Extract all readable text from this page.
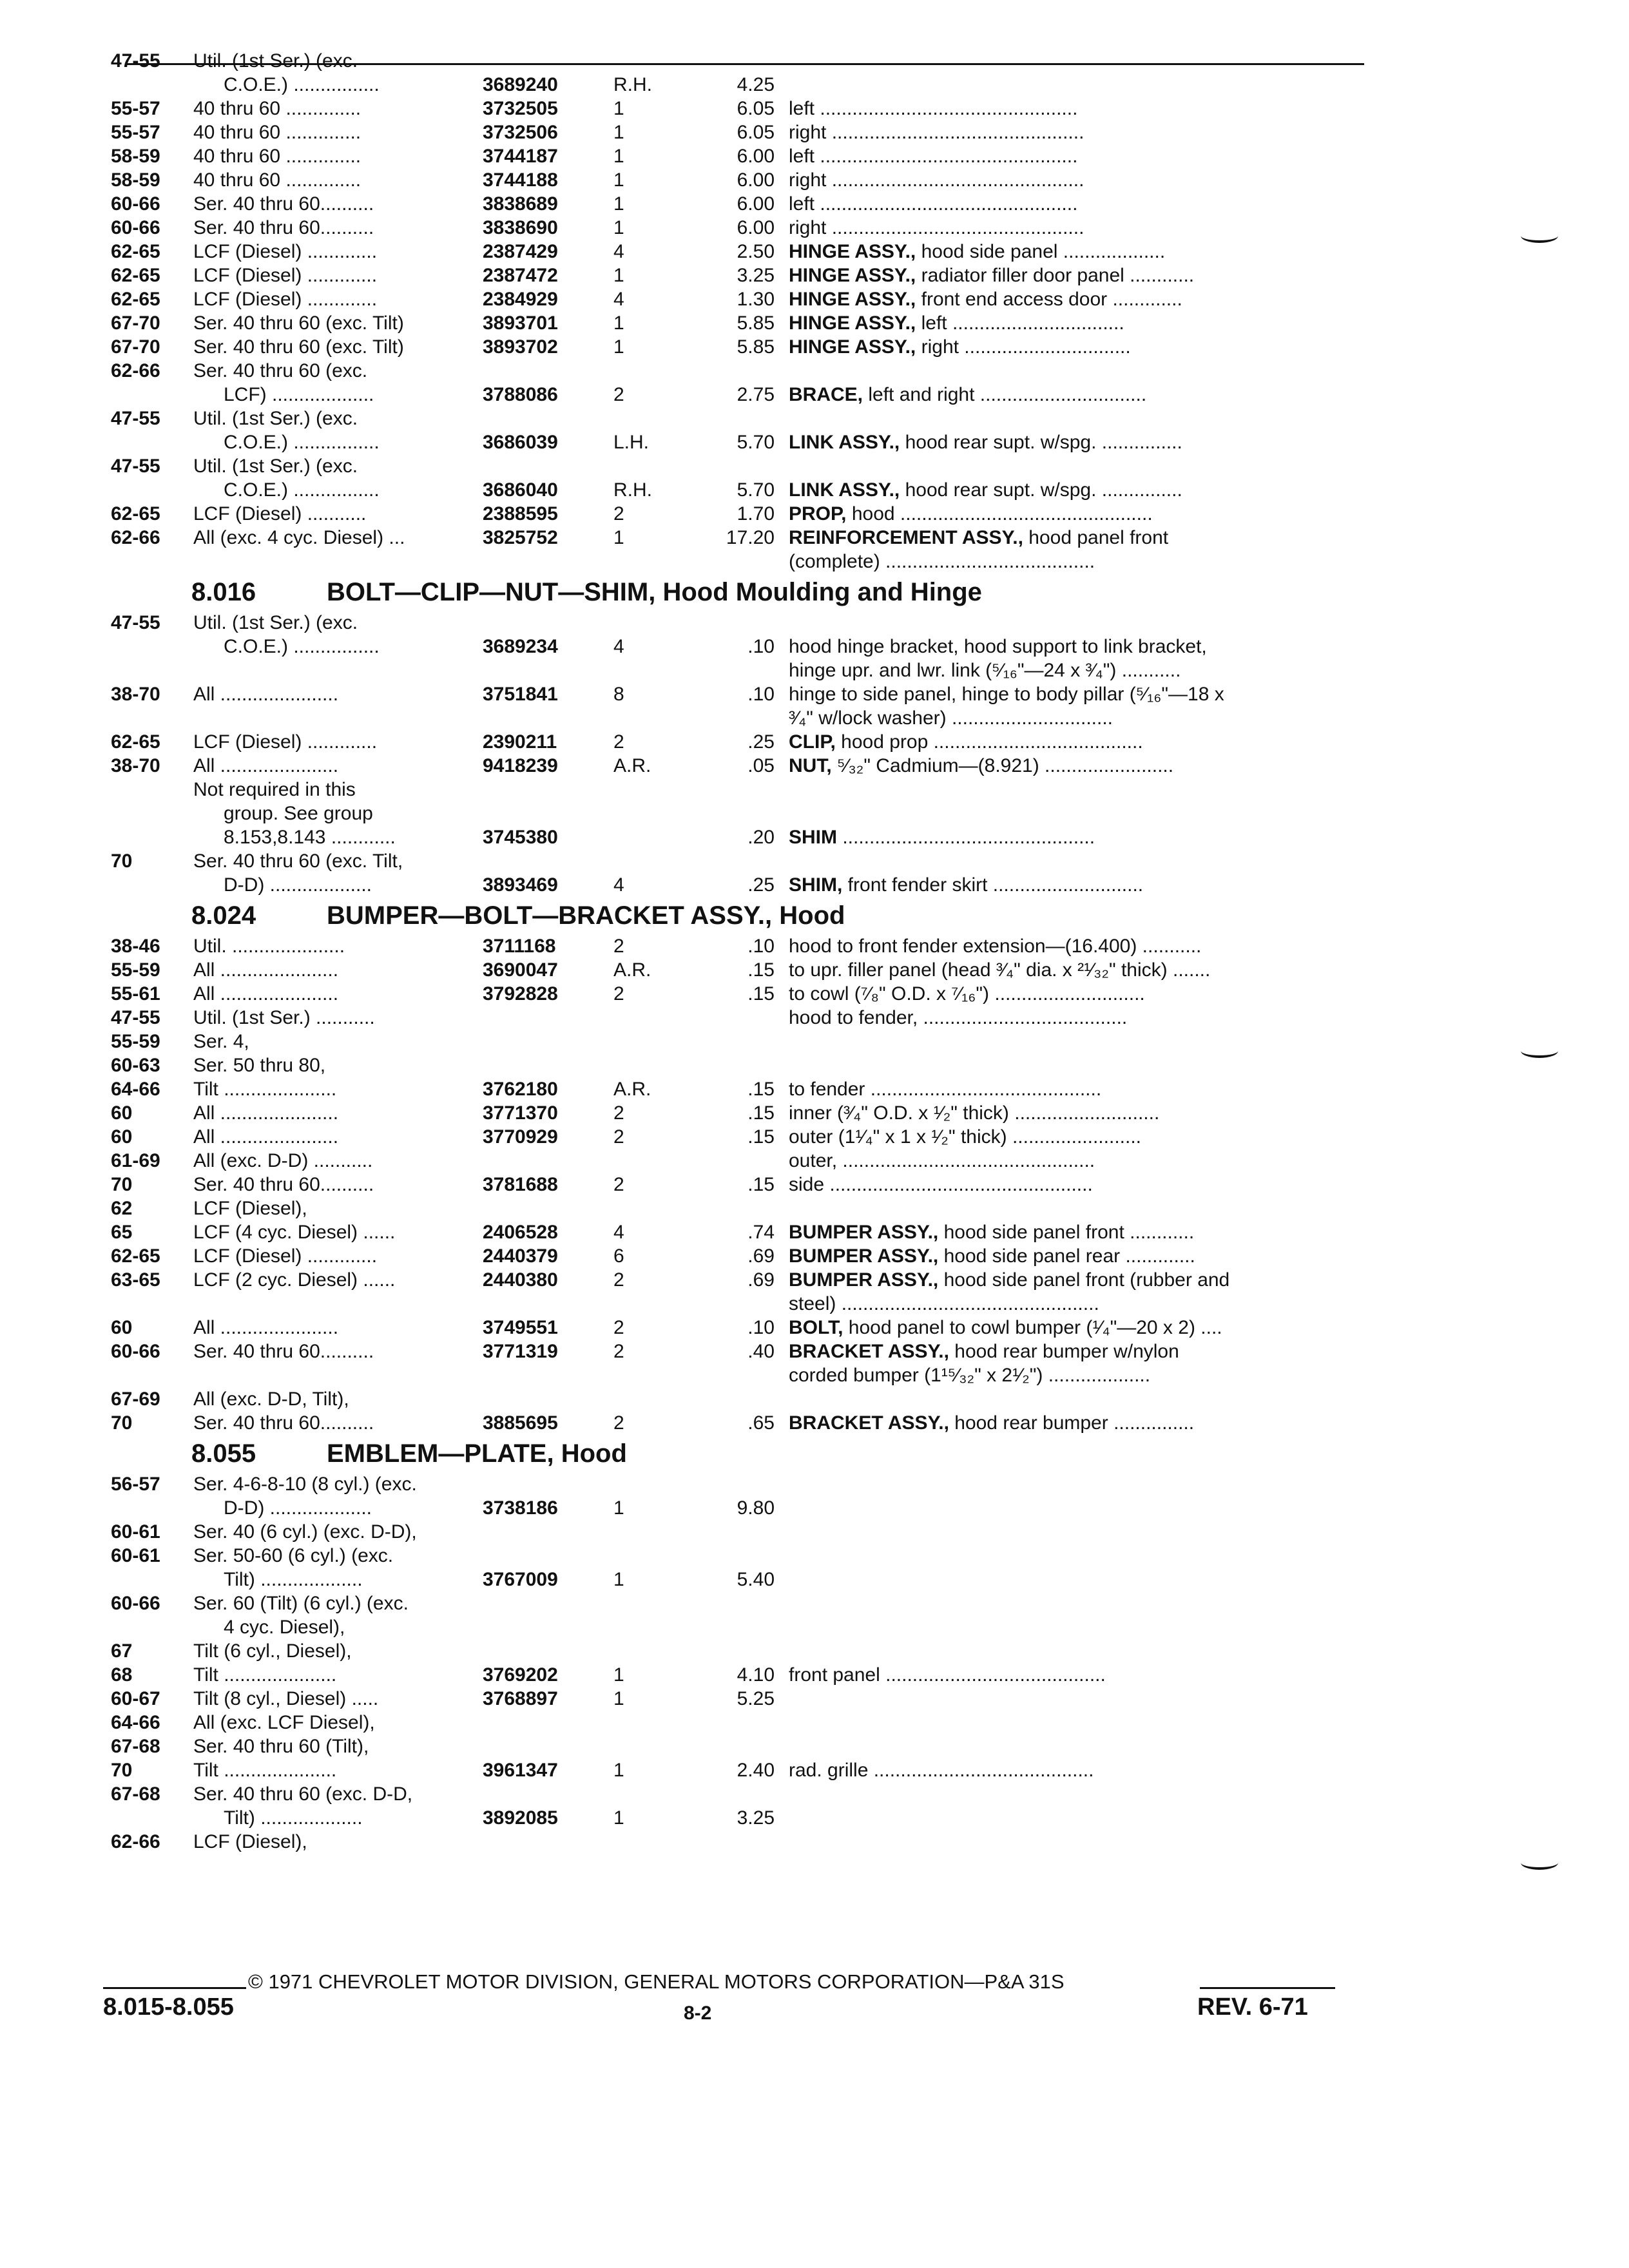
47-55 Util. (1st Ser.) (exc.
C.O.E.) ................	3689240	R.H.	4.25
55-57 40 thru 60 ..............	3732505	1	6.05 left ................................................
55-57 40 thru 60 ..............	3732506	1	6.05 right ...............................................
58-59 40 thru 60 ..............	3744187	1	6.00 left ................................................
58-59 40 thru 60 ..............	3744188	1	6.00 right ...............................................
60-66 Ser. 40 thru 60..........	3838689	1	6.00 left ................................................
60-66 Ser. 40 thru 60..........	3838690	1	6.00 right ...............................................
62-65 LCF (Diesel) .............	2387429	4	2.50 HINGE ASSY., hood side panel ...................
62-65 LCF (Diesel) .............	2387472	1	3.25 HINGE ASSY., radiator filler door panel ............
62-65 LCF (Diesel) .............	2384929	4	1.30 HINGE ASSY., front end access door .............
67-70 Ser. 40 thru 60 (exc. Tilt)	3893701	1	5.85 HINGE ASSY., left ................................
67-70 Ser. 40 thru 60 (exc. Tilt)	3893702	1	5.85 HINGE ASSY., right ...............................
62-66 Ser. 40 thru 60 (exc.
LCF) ...................	3788086	2	2.75 BRACE, left and right ...............................
47-55 Util. (1st Ser.) (exc.
C.O.E.) ................	3686039	L.H.	5.70 LINK ASSY., hood rear supt. w/spg. ...............
47-55 Util. (1st Ser.) (exc.
C.O.E.) ................	3686040	R.H.	5.70 LINK ASSY., hood rear supt. w/spg. ...............
62-65 LCF (Diesel) ...........	2388595	2	1.70 PROP, hood ...............................................
62-66 All (exc. 4 cyc. Diesel) ...	3825752	1	17.20 REINFORCEMENT ASSY., hood panel front
(complete) .......................................
8.016	BOLT—CLIP—NUT—SHIM, Hood Moulding and Hinge
47-55 Util. (1st Ser.) (exc.
C.O.E.) ................	3689234	4	.10 hood hinge bracket, hood support to link bracket,
hinge upr. and lwr. link (⁵⁄₁₆"—24 x ³⁄₄") ...........
38-70 All ......................	3751841	8	.10 hinge to side panel, hinge to body pillar (⁵⁄₁₆"—18 x
³⁄₄" w/lock washer) ..............................
62-65 LCF (Diesel) .............	2390211	2	.25 CLIP, hood prop .......................................
38-70 All ......................	9418239	A.R.	.05 NUT, ⁵⁄₃₂" Cadmium—(8.921) ........................
Not required in this
group. See group
8.153,8.143 ............	3745380	.20 SHIM ...............................................
70	Ser. 40 thru 60 (exc. Tilt,
D-D) ...................	3893469	4	.25 SHIM, front fender skirt ............................
8.024	BUMPER—BOLT—BRACKET ASSY., Hood
38-46 Util. .....................	3711168	2	.10 hood to front fender extension—(16.400) ...........
55-59 All ......................	3690047	A.R.	.15 to upr. filler panel (head ³⁄₄" dia. x ²¹⁄₃₂" thick) .......
55-61 All ......................	3792828	2	.15 to cowl (⁷⁄₈" O.D. x ⁷⁄₁₆") ............................
47-55 Util. (1st Ser.) ...........	hood to fender, ......................................
55-59 Ser. 4,
60-63 Ser. 50 thru 80,
64-66 Tilt .....................	3762180	A.R.	.15 to fender ...........................................
60	All ......................	3771370	2	.15 inner (³⁄₄" O.D. x ¹⁄₂" thick) ...........................
60	All ......................	3770929	2	.15 outer (1¹⁄₄" x 1 x ¹⁄₂" thick) ........................
61-69 All (exc. D-D) ...........	outer, ...............................................
70	Ser. 40 thru 60..........	3781688	2	.15 side .................................................
62	LCF (Diesel),
65	LCF (4 cyc. Diesel) ......	2406528	4	.74 BUMPER ASSY., hood side panel front ............
62-65 LCF (Diesel) .............	2440379	6	.69 BUMPER ASSY., hood side panel rear .............
63-65 LCF (2 cyc. Diesel) ......	2440380	2	.69 BUMPER ASSY., hood side panel front (rubber and
steel) ................................................
60	All ......................	3749551	2	.10 BOLT, hood panel to cowl bumper (¹⁄₄"—20 x 2) ....
60-66 Ser. 40 thru 60..........	3771319	2	.40 BRACKET ASSY., hood rear bumper w/nylon
corded bumper (1¹⁵⁄₃₂" x 2¹⁄₂") ...................
67-69 All (exc. D-D, Tilt),
70	Ser. 40 thru 60..........	3885695	2	.65 BRACKET ASSY., hood rear bumper ...............
8.055	EMBLEM—PLATE, Hood
56-57 Ser. 4-6-8-10 (8 cyl.) (exc.
D-D) ...................	3738186	1	9.80
60-61 Ser. 40 (6 cyl.) (exc. D-D),
60-61 Ser. 50-60 (6 cyl.) (exc.
Tilt) ...................	3767009	1	5.40
60-66 Ser. 60 (Tilt) (6 cyl.) (exc.
4 cyc. Diesel),
67	Tilt (6 cyl., Diesel),
68	Tilt .....................	3769202	1	4.10 front panel .........................................
60-67 Tilt (8 cyl., Diesel) .....	3768897	1	5.25
64-66 All (exc. LCF Diesel),
67-68 Ser. 40 thru 60 (Tilt),
70	Tilt .....................	3961347	1	2.40 rad. grille .........................................
67-68 Ser. 40 thru 60 (exc. D-D,
Tilt) ...................	3892085	1	3.25
62-66 LCF (Diesel),
© 1971 CHEVROLET MOTOR DIVISION, GENERAL MOTORS CORPORATION—P&A 31S
8.015-8.055	8-2	REV. 6-71
